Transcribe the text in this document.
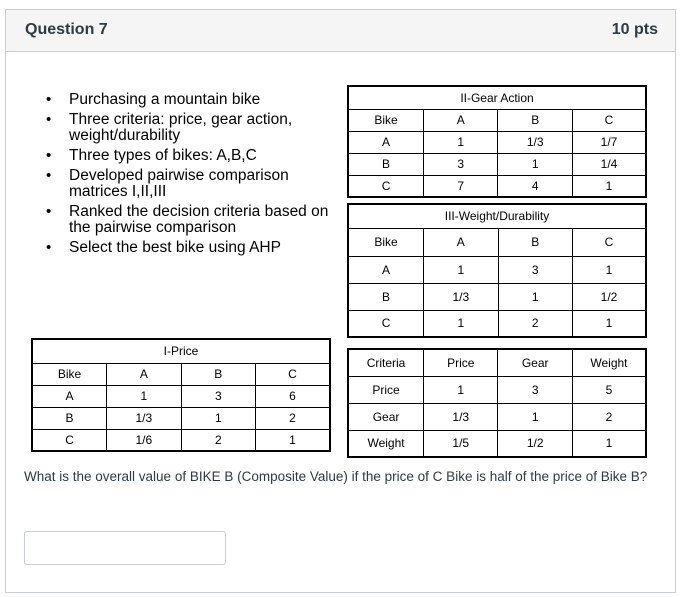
Question 7	10 pts
• Purchasing a mountain bike
• Three criteria: price, gear action, weight/durability
• Three types of bikes: A,B,C
• Developed pairwise comparison matrices I,II,III
• Ranked the decision criteria based on the pairwise comparison
• Select the best bike using AHP
II-Gear Action			
Bike	A	B	C
A	1	1/3	1/7
B	3	1	1/4
C	7	4	1
III-Weight/Durability			
Bike	A	B	C
A	1	3	1
B	1/3	1	1/2
C	1	2	1
I-Price			
Bike	A	B	C
A	1	3	6
B	1/3	1	2
C	1/6	2	1
Criteria	Price	Gear	Weight
Price	1	3	5
Gear	1/3	1	2
Weight	1/5	1/2	1
What is the overall value of BIKE B (Composite Value) if the price of C Bike is half of the price of Bike B?
